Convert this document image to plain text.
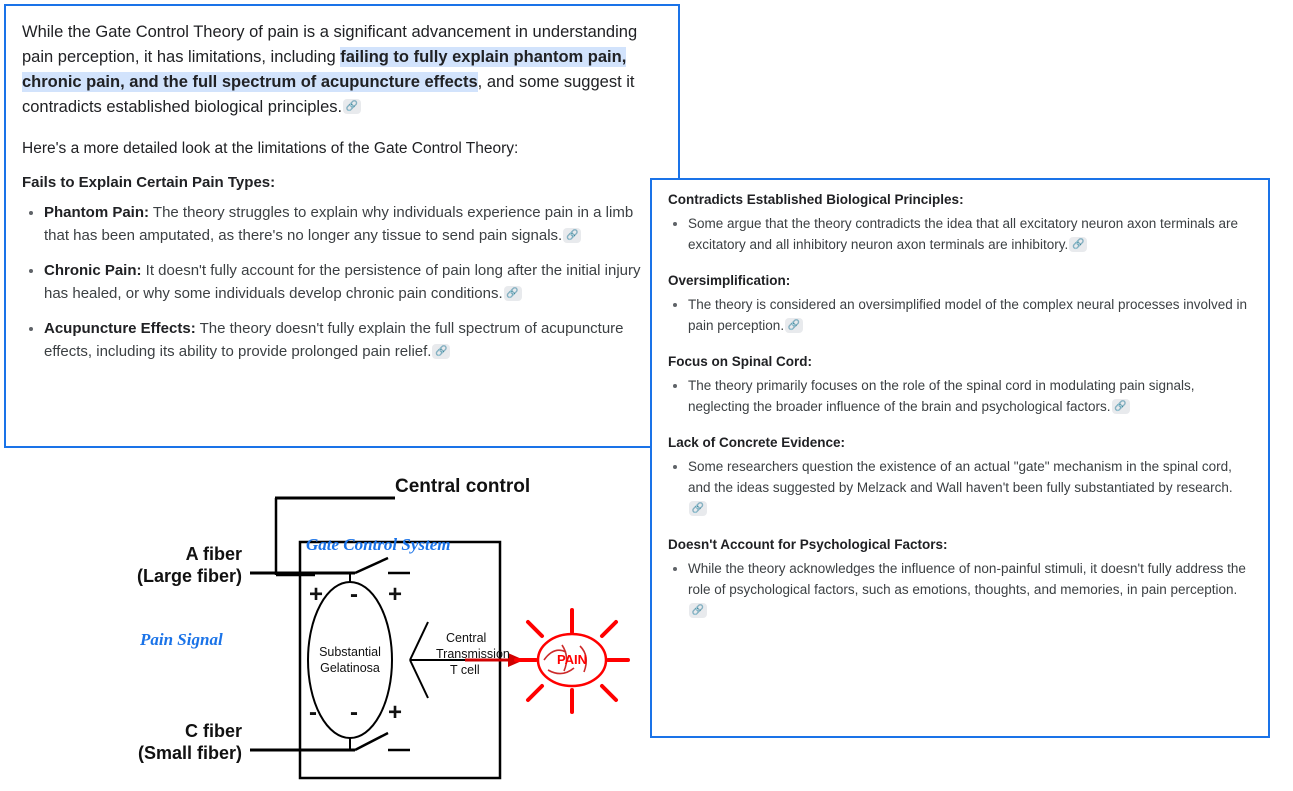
While the Gate Control Theory of pain is a significant advancement in understanding pain perception, it has limitations, including failing to fully explain phantom pain, chronic pain, and the full spectrum of acupuncture effects, and some suggest it contradicts established biological principles. 🔗

Here's a more detailed look at the limitations of the Gate Control Theory:

Fails to Explain Certain Pain Types:

• Phantom Pain: The theory struggles to explain why individuals experience pain in a limb that has been amputated, as there's no longer any tissue to send pain signals. 🔗
• Chronic Pain: It doesn't fully account for the persistence of pain long after the initial injury has healed, or why some individuals develop chronic pain conditions. 🔗
• Acupuncture Effects: The theory doesn't fully explain the full spectrum of acupuncture effects, including its ability to provide prolonged pain relief. 🔗

Contradicts Established Biological Principles:

• Some argue that the theory contradicts the idea that all excitatory neuron axon terminals are excitatory and all inhibitory neuron axon terminals are inhibitory. 🔗

Oversimplification:

• The theory is considered an oversimplified model of the complex neural processes involved in pain perception. 🔗

Focus on Spinal Cord:

• The theory primarily focuses on the role of the spinal cord in modulating pain signals, neglecting the broader influence of the brain and psychological factors. 🔗

Lack of Concrete Evidence:

• Some researchers question the existence of an actual "gate" mechanism in the spinal cord, and the ideas suggested by Melzack and Wall haven't been fully substantiated by research.🔗

Doesn't Account for Psychological Factors:

• While the theory acknowledges the influence of non-painful stimuli, it doesn't fully address the role of psychological factors, such as emotions, thoughts, and memories, in pain perception.🔗
PAIN
Central control
A fiber
(Large fiber)
C fiber
(Small fiber)
Gate Control System
Pain Signal
Substantial
Gelatinosa
Central
Transmission
T cell
+ - +
- - +
